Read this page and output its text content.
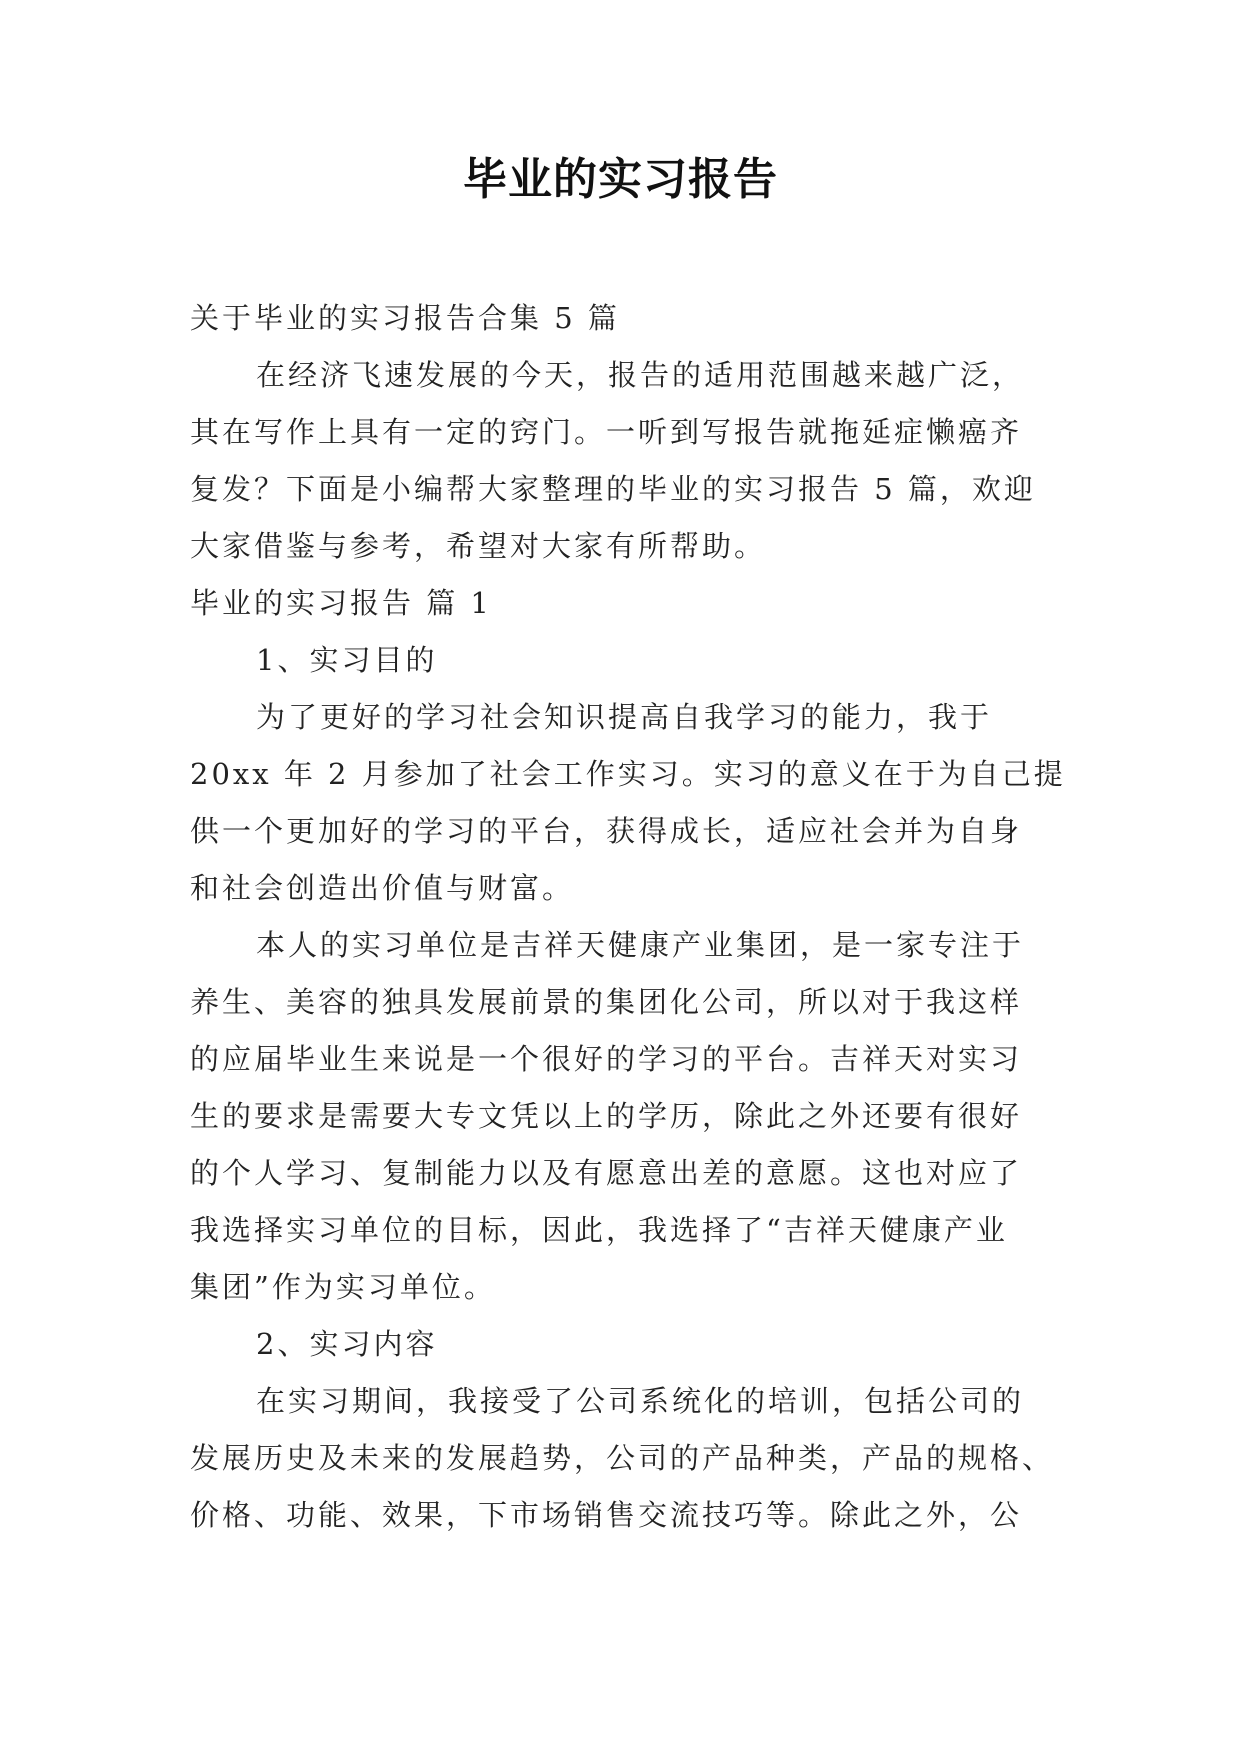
毕业的实习报告
关于毕业的实习报告合集 5 篇
在经济飞速发展的今天，报告的适用范围越来越广泛，
其在写作上具有一定的窍门。一听到写报告就拖延症懒癌齐
复发？下面是小编帮大家整理的毕业的实习报告 5 篇，欢迎
大家借鉴与参考，希望对大家有所帮助。
毕业的实习报告 篇 1
1、实习目的
为了更好的学习社会知识提高自我学习的能力，我于
20xx 年 2 月参加了社会工作实习。实习的意义在于为自己提
供一个更加好的学习的平台，获得成长，适应社会并为自身
和社会创造出价值与财富。
本人的实习单位是吉祥天健康产业集团，是一家专注于
养生、美容的独具发展前景的集团化公司，所以对于我这样
的应届毕业生来说是一个很好的学习的平台。吉祥天对实习
生的要求是需要大专文凭以上的学历，除此之外还要有很好
的个人学习、复制能力以及有愿意出差的意愿。这也对应了
我选择实习单位的目标，因此，我选择了“吉祥天健康产业
集团”作为实习单位。
2、实习内容
在实习期间，我接受了公司系统化的培训，包括公司的
发展历史及未来的发展趋势，公司的产品种类，产品的规格、
价格、功能、效果，下市场销售交流技巧等。除此之外，公
